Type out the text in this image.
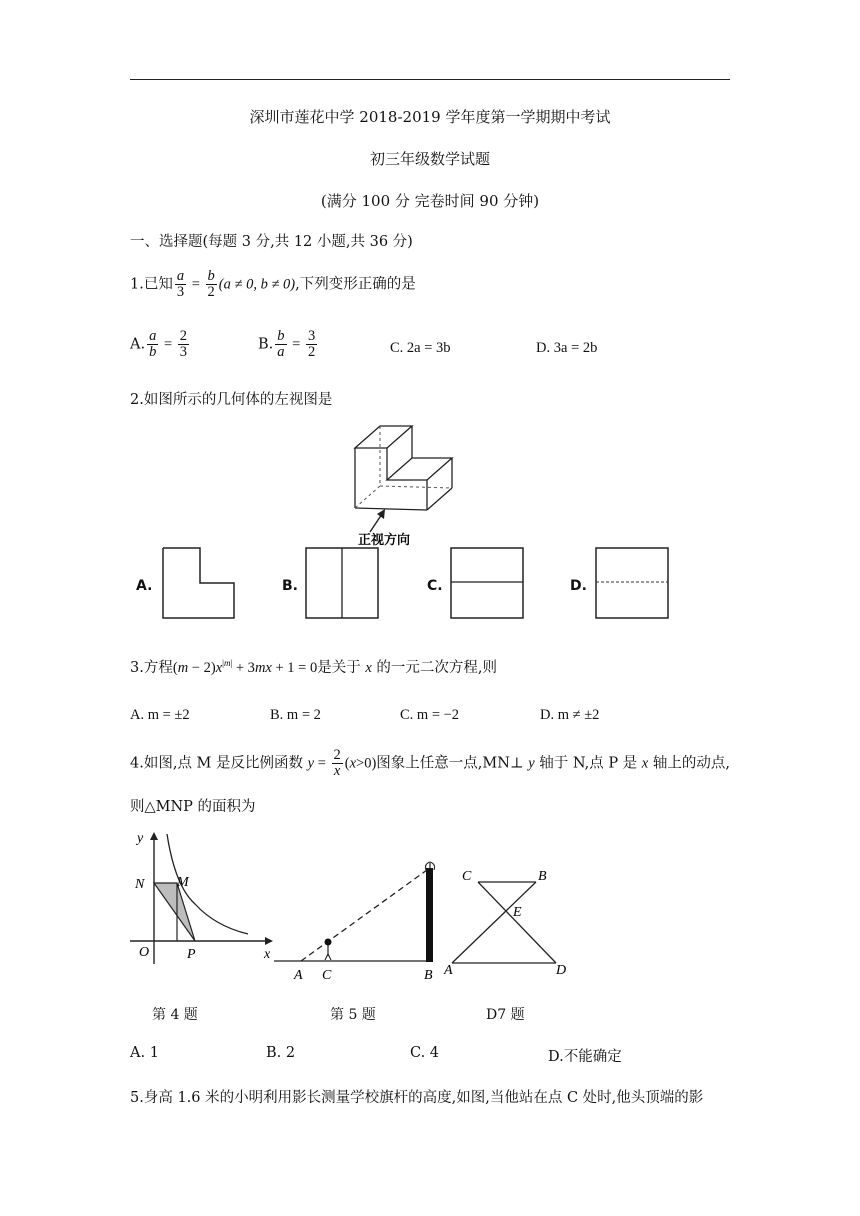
深圳市莲花中学 2018-2019 学年度第一学期期中考试
初三年级数学试题
(满分 100 分 完卷时间 90 分钟)
一、选择题(每题 3 分,共 12 小题,共 36 分)
1.已知 $\frac{a}{3} = \frac{b}{2} (a \ne 0$, b ≠ 0),下列变形正确的是
A. $\frac{a}{b} = \frac{2}{3}$	B. $\frac{b}{a} = \frac{3}{2}$	C. 2a = 3b	D. 3a = 2b
2.如图所示的几何体的左视图是
正视方向
A.	B.	C.	D.
3.方程$(m - 2)x^{|m|} + 3mx + 1 = 0$是关于 x 的一元二次方程,则
A. m = ±2	B. m = 2	C. m = −2	D. m ≠ ±2
4.如图,点 M 是反比例函数 $y = \frac{2}{x} (x>0)$图象上任意一点,MN⊥ y 轴于 N,点 P 是 x 轴上的动点,
则△MNP 的面积为
y
x
N M
O	P
A C	B
C	B
E
A	D
第 4 题	第 5 题	D7 题
A. 1	B. 2	C. 4	D.不能确定
5.身高 1.6 米的小明利用影长测量学校旗杆的高度,如图,当他站在点 C 处时,他头顶端的影
